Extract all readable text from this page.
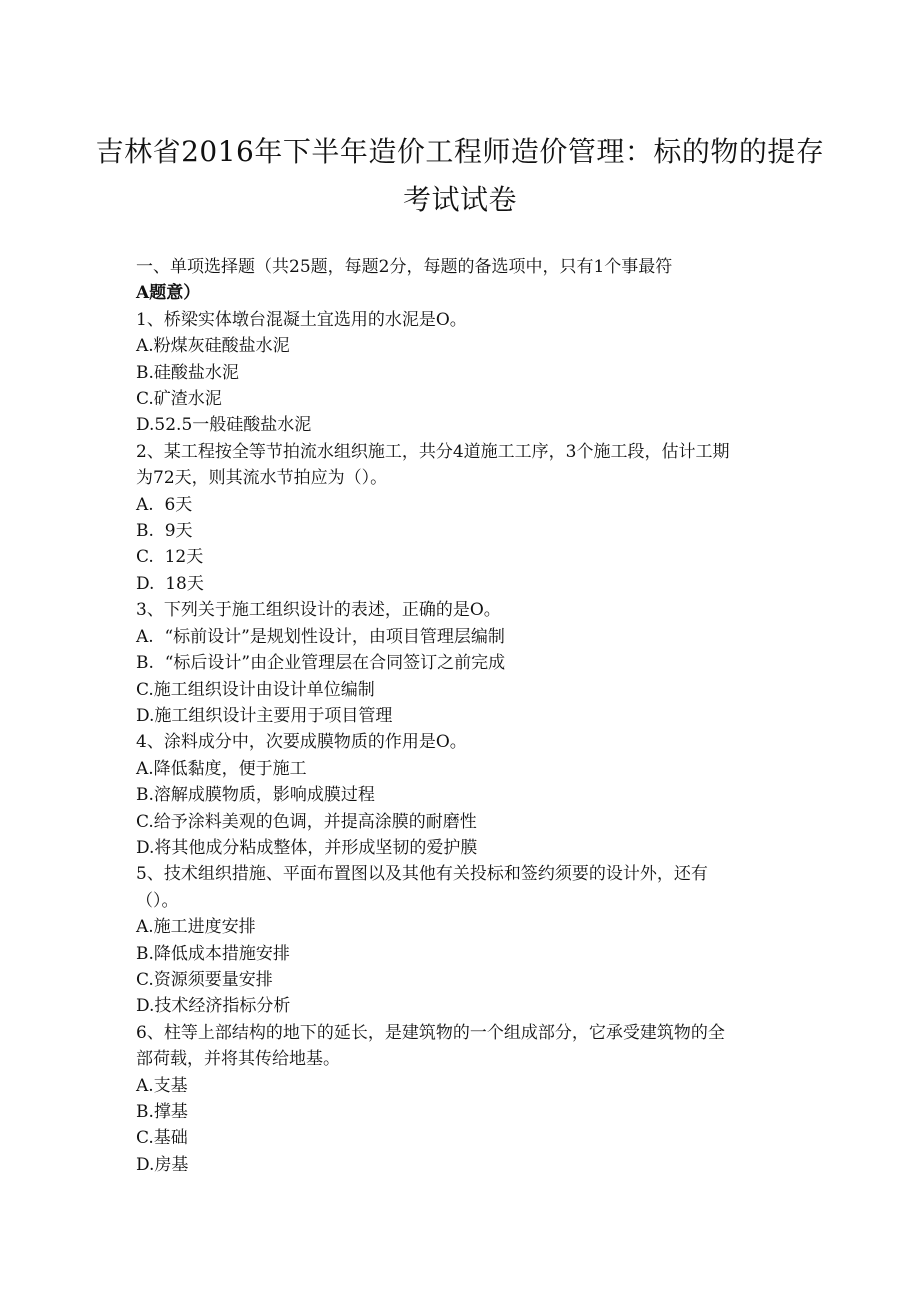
吉林省2016年下半年造价工程师造价管理：标的物的提存
考试试卷

一、单项选择题（共25题，每题2分，每题的备选项中，只有1个事最符

A题意）

1、桥梁实体墩台混凝土宜选用的水泥是O。

A.粉煤灰硅酸盐水泥

B.硅酸盐水泥

C.矿渣水泥

D.52.5一般硅酸盐水泥

2、某工程按全等节拍流水组织施工，共分4道施工工序，3个施工段，估计工期

为72天，则其流水节拍应为（）。

A.  6天

B.  9天

C.  12天

D.  18天

3、下列关于施工组织设计的表述，正确的是O。

A.  “标前设计”是规划性设计，由项目管理层编制

B.  “标后设计”由企业管理层在合同签订之前完成

C.施工组织设计由设计单位编制

D.施工组织设计主要用于项目管理

4、涂料成分中，次要成膜物质的作用是O。

A.降低黏度，便于施工

B.溶解成膜物质，影响成膜过程

C.给予涂料美观的色调，并提高涂膜的耐磨性

D.将其他成分粘成整体，并形成坚韧的爱护膜

5、技术组织措施、平面布置图以及其他有关投标和签约须要的设计外，还有

（）。

A.施工进度安排

B.降低成本措施安排

C.资源须要量安排

D.技术经济指标分析

6、柱等上部结构的地下的延长，是建筑物的一个组成部分，它承受建筑物的全

部荷载，并将其传给地基。

A.支基

B.撑基

C.基础

D.房基
